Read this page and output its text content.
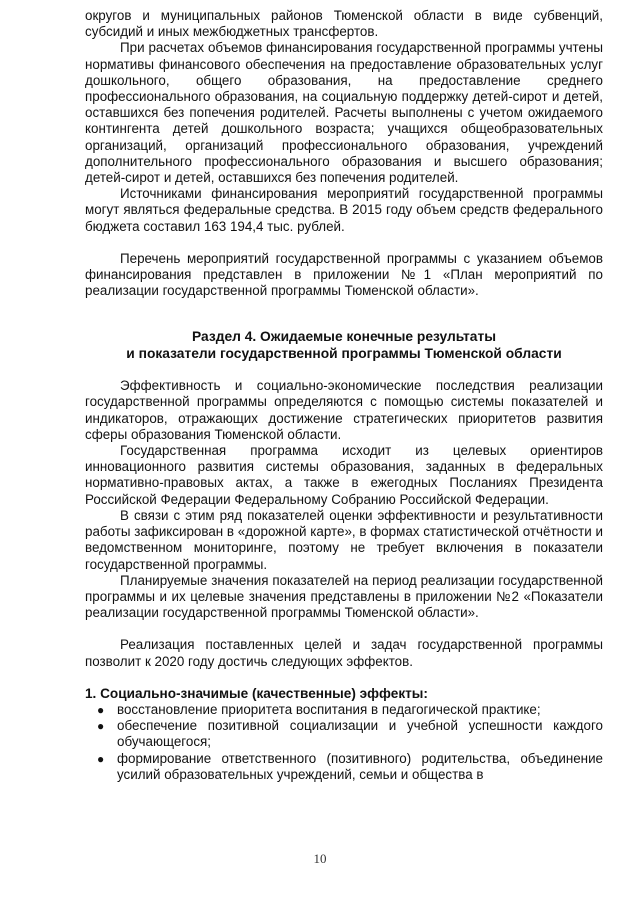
округов и муниципальных районов Тюменской области в виде субвенций, субсидий и иных межбюджетных трансфертов.

При расчетах объемов финансирования государственной программы учтены нормативы финансового обеспечения на предоставление образовательных услуг дошкольного, общего образования, на предоставление среднего профессионального образования, на социальную поддержку детей-сирот и детей, оставшихся без попечения родителей. Расчеты выполнены с учетом ожидаемого контингента детей дошкольного возраста; учащихся общеобразовательных организаций, организаций профессионального образования, учреждений дополнительного профессионального образования и высшего образования; детей-сирот и детей, оставшихся без попечения родителей.

Источниками финансирования мероприятий государственной программы могут являться федеральные средства. В 2015 году объем средств федерального бюджета составил 163 194,4 тыс. рублей.

Перечень мероприятий государственной программы с указанием объемов финансирования представлен в приложении №1 «План мероприятий по реализации государственной программы Тюменской области».

Раздел 4. Ожидаемые конечные результаты

и показатели государственной программы Тюменской области

Эффективность и социально-экономические последствия реализации государственной программы определяются с помощью системы показателей и индикаторов, отражающих достижение стратегических приоритетов развития сферы образования Тюменской области.

Государственная программа исходит из целевых ориентиров инновационного развития системы образования, заданных в федеральных нормативно-правовых актах, а также в ежегодных Посланиях Президента Российской Федерации Федеральному Собранию Российской Федерации.

В связи с этим ряд показателей оценки эффективности и результативности работы зафиксирован в «дорожной карте», в формах статистической отчётности и ведомственном мониторинге, поэтому не требует включения в показатели государственной программы.

Планируемые значения показателей на период реализации государственной программы и их целевые значения представлены в приложении №2 «Показатели реализации государственной программы Тюменской области».

Реализация поставленных целей и задач государственной программы позволит к 2020 году достичь следующих эффектов.

1. Социально-значимые (качественные) эффекты:

● восстановление приоритета воспитания в педагогической практике;
● обеспечение позитивной социализации и учебной успешности каждого обучающегося;
● формирование ответственного (позитивного) родительства, объединение усилий образовательных учреждений, семьи и общества в
10
